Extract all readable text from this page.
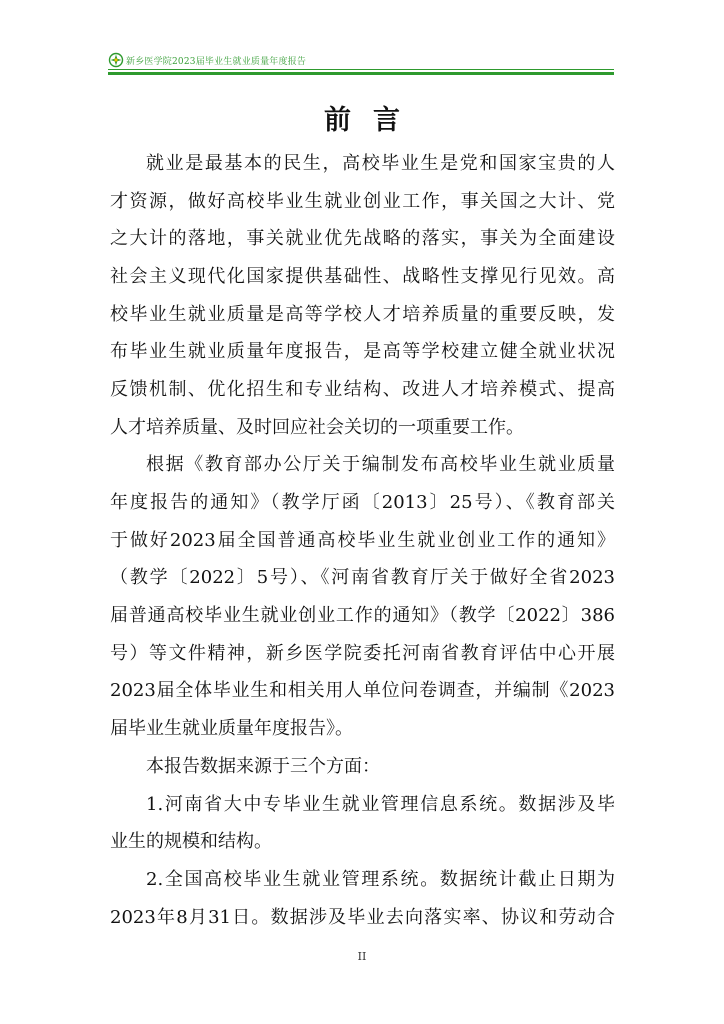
新乡医学院2023届毕业生就业质量年度报告
前言
就业是最基本的民生，高校毕业生是党和国家宝贵的人
才资源，做好高校毕业生就业创业工作，事关国之大计、党
之大计的落地，事关就业优先战略的落实，事关为全面建设
社会主义现代化国家提供基础性、战略性支撑见行见效。高
校毕业生就业质量是高等学校人才培养质量的重要反映，发
布毕业生就业质量年度报告，是高等学校建立健全就业状况
反馈机制、优化招生和专业结构、改进人才培养模式、提高
人才培养质量、及时回应社会关切的一项重要工作。
根据《教育部办公厅关于编制发布高校毕业生就业质量
年度报告的通知》（教学厅函〔2013〕25号）、《教育部关
于做好2023届全国普通高校毕业生就业创业工作的通知》
（教学〔2022〕5号）、《河南省教育厅关于做好全省2023
届普通高校毕业生就业创业工作的通知》（教学〔2022〕386
号）等文件精神，新乡医学院委托河南省教育评估中心开展
2023届全体毕业生和相关用人单位问卷调查，并编制《2023
届毕业生就业质量年度报告》。
本报告数据来源于三个方面：
1.河南省大中专毕业生就业管理信息系统。数据涉及毕
业生的规模和结构。
2.全国高校毕业生就业管理系统。数据统计截止日期为
2023年8月31日。数据涉及毕业去向落实率、协议和劳动合
II
